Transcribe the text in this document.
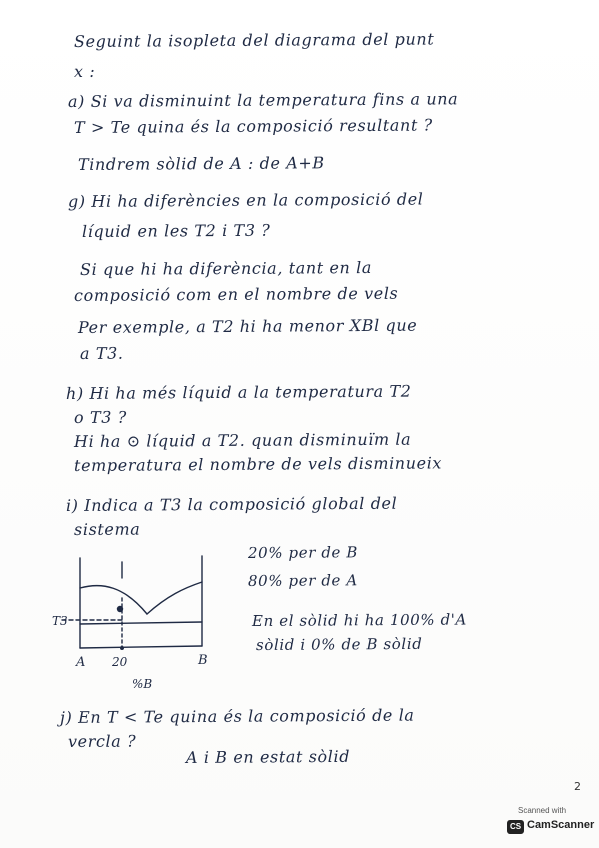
Seguint la isopleta del diagrama del punt
x :
a) Si va disminuint la temperatura fins a una
T > Te quina és la composició resultant ?
Tindrem sòlid de A : de A+B
g) Hi ha diferències en la composició del
líquid en les T2 i T3 ?
Si que hi ha diferència, tant en la
composició com en el nombre de vels
Per exemple, a T2 hi ha menor XBl que
a T3.
h) Hi ha més líquid a la temperatura T2
o T3 ?
Hi ha ⊙ líquid a T2. quan disminuïm la
temperatura el nombre de vels disminueix
i) Indica a T3 la composició global del
sistema
T3
A 20	B
%B
20% per de B
80% per de A
En el sòlid hi ha 100% d'A
sòlid i 0% de B sòlid
j) En T < Te quina és la composició de la
vercla ?
A i B en estat sòlid
2
Scanned with
CS CamScanner
